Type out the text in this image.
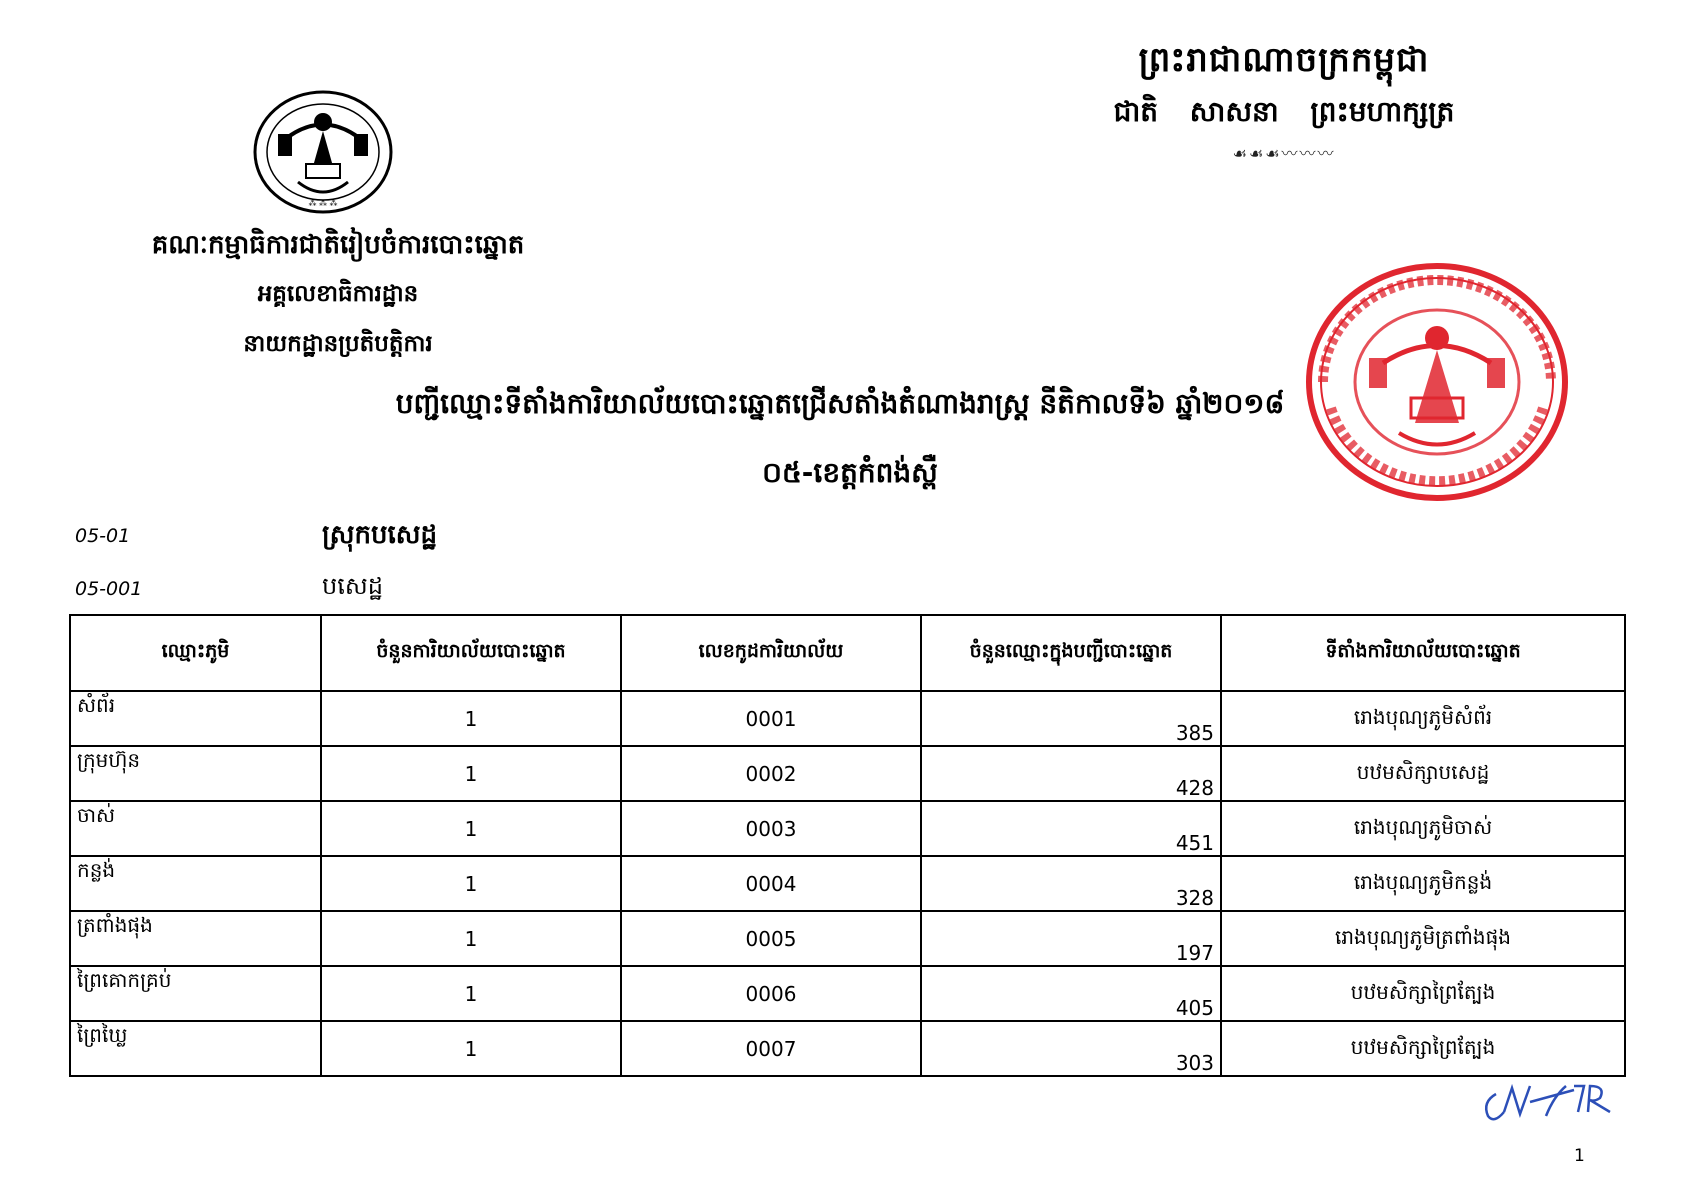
ព្រះរាជាណាចក្រកម្ពុជា
ជាតិ សាសនា ព្រះមហាក្សត្រ
☙☙☙〰〰〰
⁂ ⁂ ⁂
គណៈកម្មាធិការជាតិរៀបចំការបោះឆ្នោត
អគ្គលេខាធិការដ្ឋាន
នាយកដ្ឋានប្រតិបត្តិការ
បញ្ជីឈ្មោះទីតាំងការិយាល័យបោះឆ្នោតជ្រើសតាំងតំណាងរាស្ត្រ នីតិកាលទី៦ ឆ្នាំ២០១៨
០៥-ខេត្តកំពង់ស្ពឺ
05-01	ស្រុកបសេដ្ឋ
05-001	បសេដ្ឋ
ឈ្មោះភូមិ	ចំនួនការិយាល័យបោះឆ្នោត	លេខកូដការិយាល័យ	ចំនួនឈ្មោះក្នុងបញ្ជីបោះឆ្នោត	ទីតាំងការិយាល័យបោះឆ្នោត
សំព័រ	1	0001	385	រោងបុណ្យភូមិសំព័រ
ក្រុមហ៊ុន	1	0002	428	បឋមសិក្សាបសេដ្ឋ
ចាស់	1	0003	451	រោងបុណ្យភូមិចាស់
កន្លង់	1	0004	328	រោងបុណ្យភូមិកន្លង់
ត្រពាំងផុង	1	0005	197	រោងបុណ្យភូមិត្រពាំងផុង
ព្រៃគោកគ្រប់	1	0006	405	បឋមសិក្សាព្រៃត្បែង
ព្រៃឃ្លៃ	1	0007	303	បឋមសិក្សាព្រៃត្បែង
1
